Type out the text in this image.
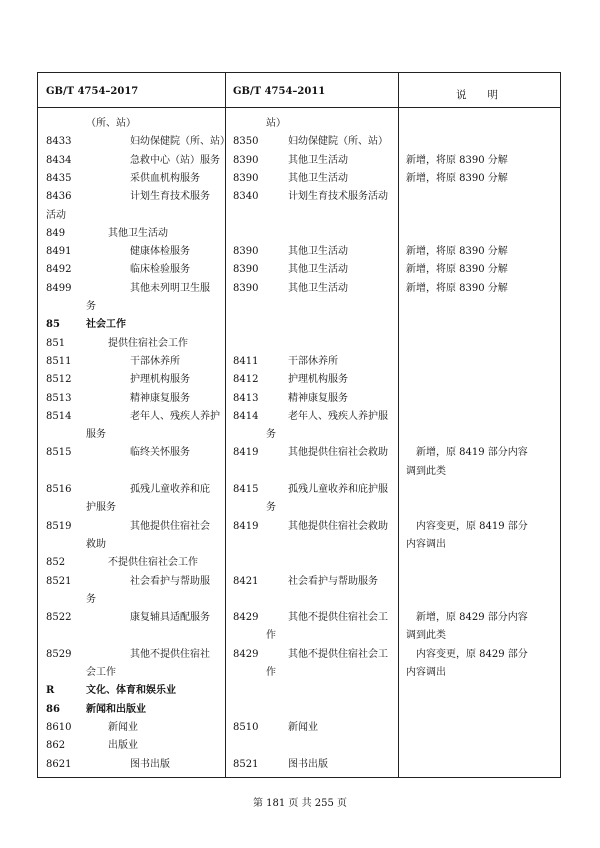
GB/T 4754–2017	GB/T 4754–2011	说　　明
（所、站）	站）
8433	妇幼保健院（所、站） 8350	妇幼保健院（所、站）
8434	急救中心（站）服务 8390	其他卫生活动	新增，将原 8390 分解
8435	采供血机构服务	8390	其他卫生活动	新增，将原 8390 分解
8436	计划生育技术服务 8340	计划生育技术服务活动
活动
849	其他卫生活动
8491	健康体检服务	8390	其他卫生活动	新增，将原 8390 分解
8492	临床检验服务	8390	其他卫生活动	新增，将原 8390 分解
8499	其他未列明卫生服 8390	其他卫生活动	新增，将原 8390 分解
务
85	社会工作
851	提供住宿社会工作
8511	干部休养所	8411	干部休养所
8512	护理机构服务	8412	护理机构服务
8513	精神康复服务	8413	精神康复服务
8514	老年人、残疾人养护 8414	老年人、残疾人养护服
服务	务
8515	临终关怀服务	8419	其他提供住宿社会救助 　新增，原 8419 部分内容
调到此类
8516	孤残儿童收养和庇 8415	孤残儿童收养和庇护服
护服务	务
8519	其他提供住宿社会 8419	其他提供住宿社会救助 　内容变更，原 8419 部分
救助	内容调出
852	不提供住宿社会工作
8521	社会看护与帮助服 8421	社会看护与帮助服务
务
8522	康复辅具适配服务 8429	其他不提供住宿社会工 　新增，原 8429 部分内容
作	调到此类
8529	其他不提供住宿社 8429	其他不提供住宿社会工 　内容变更，原 8429 部分
会工作	作	内容调出
R	文化、体育和娱乐业
86	新闻和出版业
8610	新闻业	8510	新闻业
862	出版业
8621	图书出版	8521	图书出版
第 181 页 共 255 页
